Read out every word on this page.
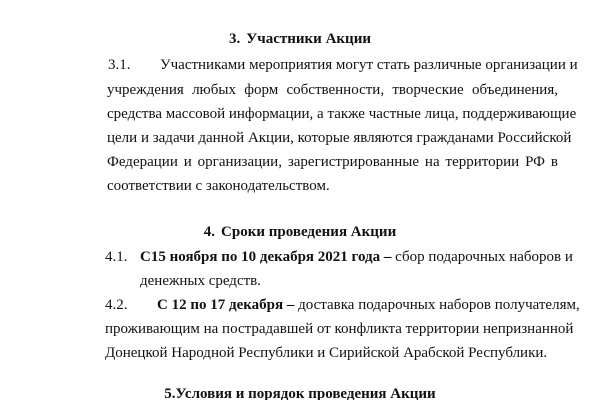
3. Участники Акции
3.1. Участниками мероприятия могут стать различные организации и
учреждения любых форм собственности, творческие объединения,
средства массовой информации, а также частные лица, поддерживающие
цели и задачи данной Акции, которые являются гражданами Российской
Федерации и организации, зарегистрированные на территории РФ в
соответствии с законодательством.
4. Сроки проведения Акции
4.1. С15 ноября по 10 декабря 2021 года – сбор подарочных наборов и
денежных средств.
4.2. С 12 по 17 декабря – доставка подарочных наборов получателям,
проживающим на пострадавшей от конфликта территории непризнанной
Донецкой Народной Республики и Сирийской Арабской Республики.
5.Условия и порядок проведения Акции
